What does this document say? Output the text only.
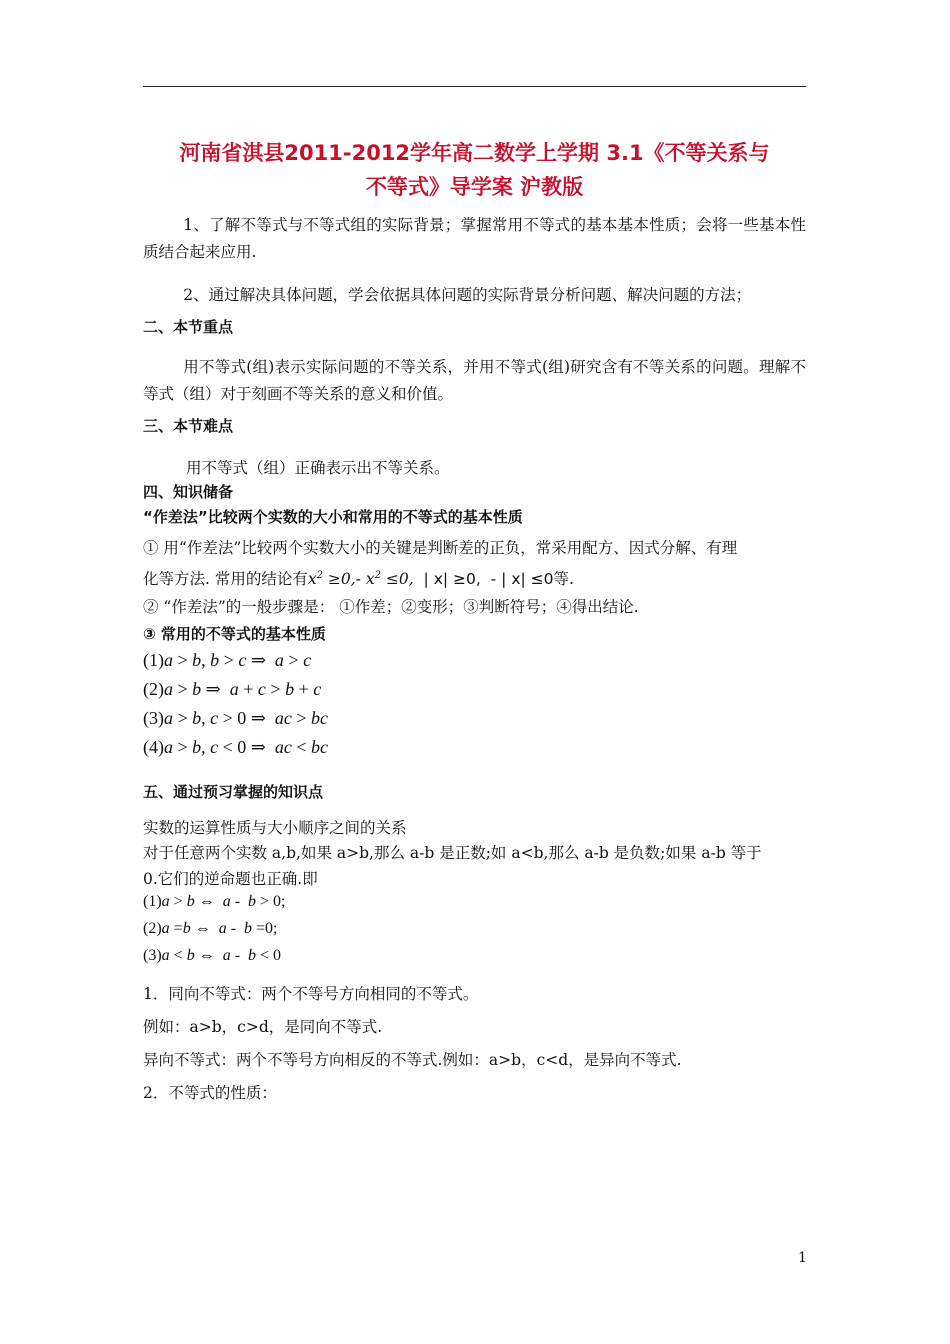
河南省淇县2011-2012学年高二数学上学期 3.1《不等关系与
不等式》导学案 沪教版
1、了解不等式与不等式组的实际背景；掌握常用不等式的基本基本性质；会将一些基本性质结合起来应用.
2、通过解决具体问题，学会依据具体问题的实际背景分析问题、解决问题的方法；
二、本节重点
用不等式(组)表示实际问题的不等关系，并用不等式(组)研究含有不等关系的问题。理解不等式（组）对于刻画不等关系的意义和价值。
三、本节难点
用不等式（组）正确表示出不等关系。
四、知识储备
“作差法”比较两个实数的大小和常用的不等式的基本性质
① 用“作差法”比较两个实数大小的关键是判断差的正负，常采用配方、因式分解、有理
化等方法. 常用的结论有$x^2 \ge 0,-$ $x^2 \le 0$,  | x| ≥0,  - | x| ≤0等.
② “作差法”的一般步骤是： ①作差；②变形；③判断符号；④得出结论.
③ 常用的不等式的基本性质
(1)a > b, b > c ⇒  a > c
(2)a > b ⇒  a + c > b + c
(3)a > b, c > 0 ⇒  ac > bc
(4)a > b, c < 0 ⇒  ac < bc
五、通过预习掌握的知识点
实数的运算性质与大小顺序之间的关系
对于任意两个实数 a,b,如果 a>b,那么 a-b 是正数;如 a<b,那么 a-b 是负数;如果 a-b 等于
0.它们的逆命题也正确.即
(1)a > b ⇔  a -  b > 0;
(2)a =b ⇔  a -  b =0;
(3)a < b ⇔  a -  b < 0
1．同向不等式：两个不等号方向相同的不等式。
例如：a>b，c>d，是同向不等式.
异向不等式：两个不等号方向相反的不等式.例如：a>b，c<d，是异向不等式.
2．不等式的性质：
1
